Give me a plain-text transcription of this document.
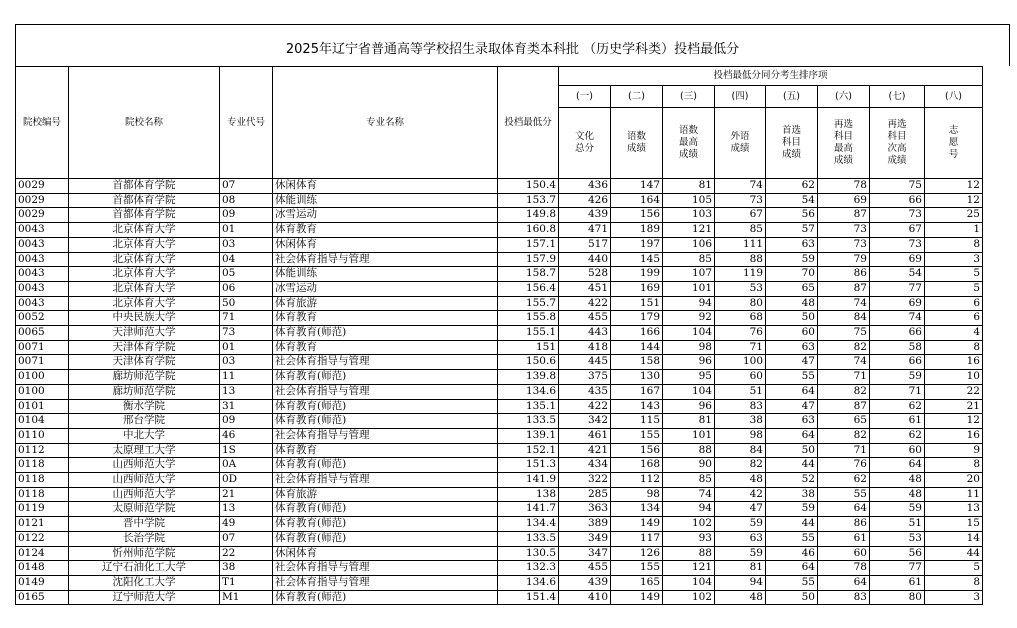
2025年辽宁省普通高等学校招生录取体育类本科批 （历史学科类）投档最低分
院校编号	院校名称	专业代号	专业名称	投档最低分	投档最低分同分考生排序项							
					(一)	(二)	(三)	(四)	(五)	(六)	(七)	(八)
					文化总分	语数成绩	语数最高成绩	外语成绩	首选科目成绩	再选科目最高成绩	再选科目次高成绩	志愿号
0029	首都体育学院	07	休闲体育	150.4	436	147	81	74	62	78	75	12
0029	首都体育学院	08	体能训练	153.7	426	164	105	73	54	69	66	12
0029	首都体育学院	09	冰雪运动	149.8	439	156	103	67	56	87	73	25
0043	北京体育大学	01	体育教育	160.8	471	189	121	85	57	73	67	1
0043	北京体育大学	03	休闲体育	157.1	517	197	106	111	63	73	73	8
0043	北京体育大学	04	社会体育指导与管理	157.9	440	145	85	88	59	79	69	3
0043	北京体育大学	05	体能训练	158.7	528	199	107	119	70	86	54	5
0043	北京体育大学	06	冰雪运动	156.4	451	169	101	53	65	87	77	5
0043	北京体育大学	50	体育旅游	155.7	422	151	94	80	48	74	69	6
0052	中央民族大学	71	体育教育	155.8	455	179	92	68	50	84	74	6
0065	天津师范大学	73	体育教育(师范)	155.1	443	166	104	76	60	75	66	4
0071	天津体育学院	01	体育教育	151	418	144	98	71	63	82	58	8
0071	天津体育学院	03	社会体育指导与管理	150.6	445	158	96	100	47	74	66	16
0100	廊坊师范学院	11	体育教育(师范)	139.8	375	130	95	60	55	71	59	10
0100	廊坊师范学院	13	社会体育指导与管理	134.6	435	167	104	51	64	82	71	22
0101	衡水学院	31	体育教育(师范)	135.1	422	143	96	83	47	87	62	21
0104	邢台学院	09	体育教育(师范)	133.5	342	115	81	38	63	65	61	12
0110	中北大学	46	社会体育指导与管理	139.1	461	155	101	98	64	82	62	16
0112	太原理工大学	1S	体育教育	152.1	421	156	88	84	50	71	60	9
0118	山西师范大学	0A	体育教育(师范)	151.3	434	168	90	82	44	76	64	8
0118	山西师范大学	0D	社会体育指导与管理	141.9	322	112	85	48	52	62	48	20
0118	山西师范大学	21	体育旅游	138	285	98	74	42	38	55	48	11
0119	太原师范学院	13	体育教育(师范)	141.7	363	134	94	47	59	64	59	13
0121	晋中学院	49	体育教育(师范)	134.4	389	149	102	59	44	86	51	15
0122	长治学院	07	体育教育(师范)	133.5	349	117	93	63	55	61	53	14
0124	忻州师范学院	22	休闲体育	130.5	347	126	88	59	46	60	56	44
0148	辽宁石油化工大学	38	社会体育指导与管理	132.3	455	155	121	81	64	78	77	5
0149	沈阳化工大学	T1	社会体育指导与管理	134.6	439	165	104	94	55	64	61	8
0165	辽宁师范大学	M1	体育教育(师范)	151.4	410	149	102	48	50	83	80	3
